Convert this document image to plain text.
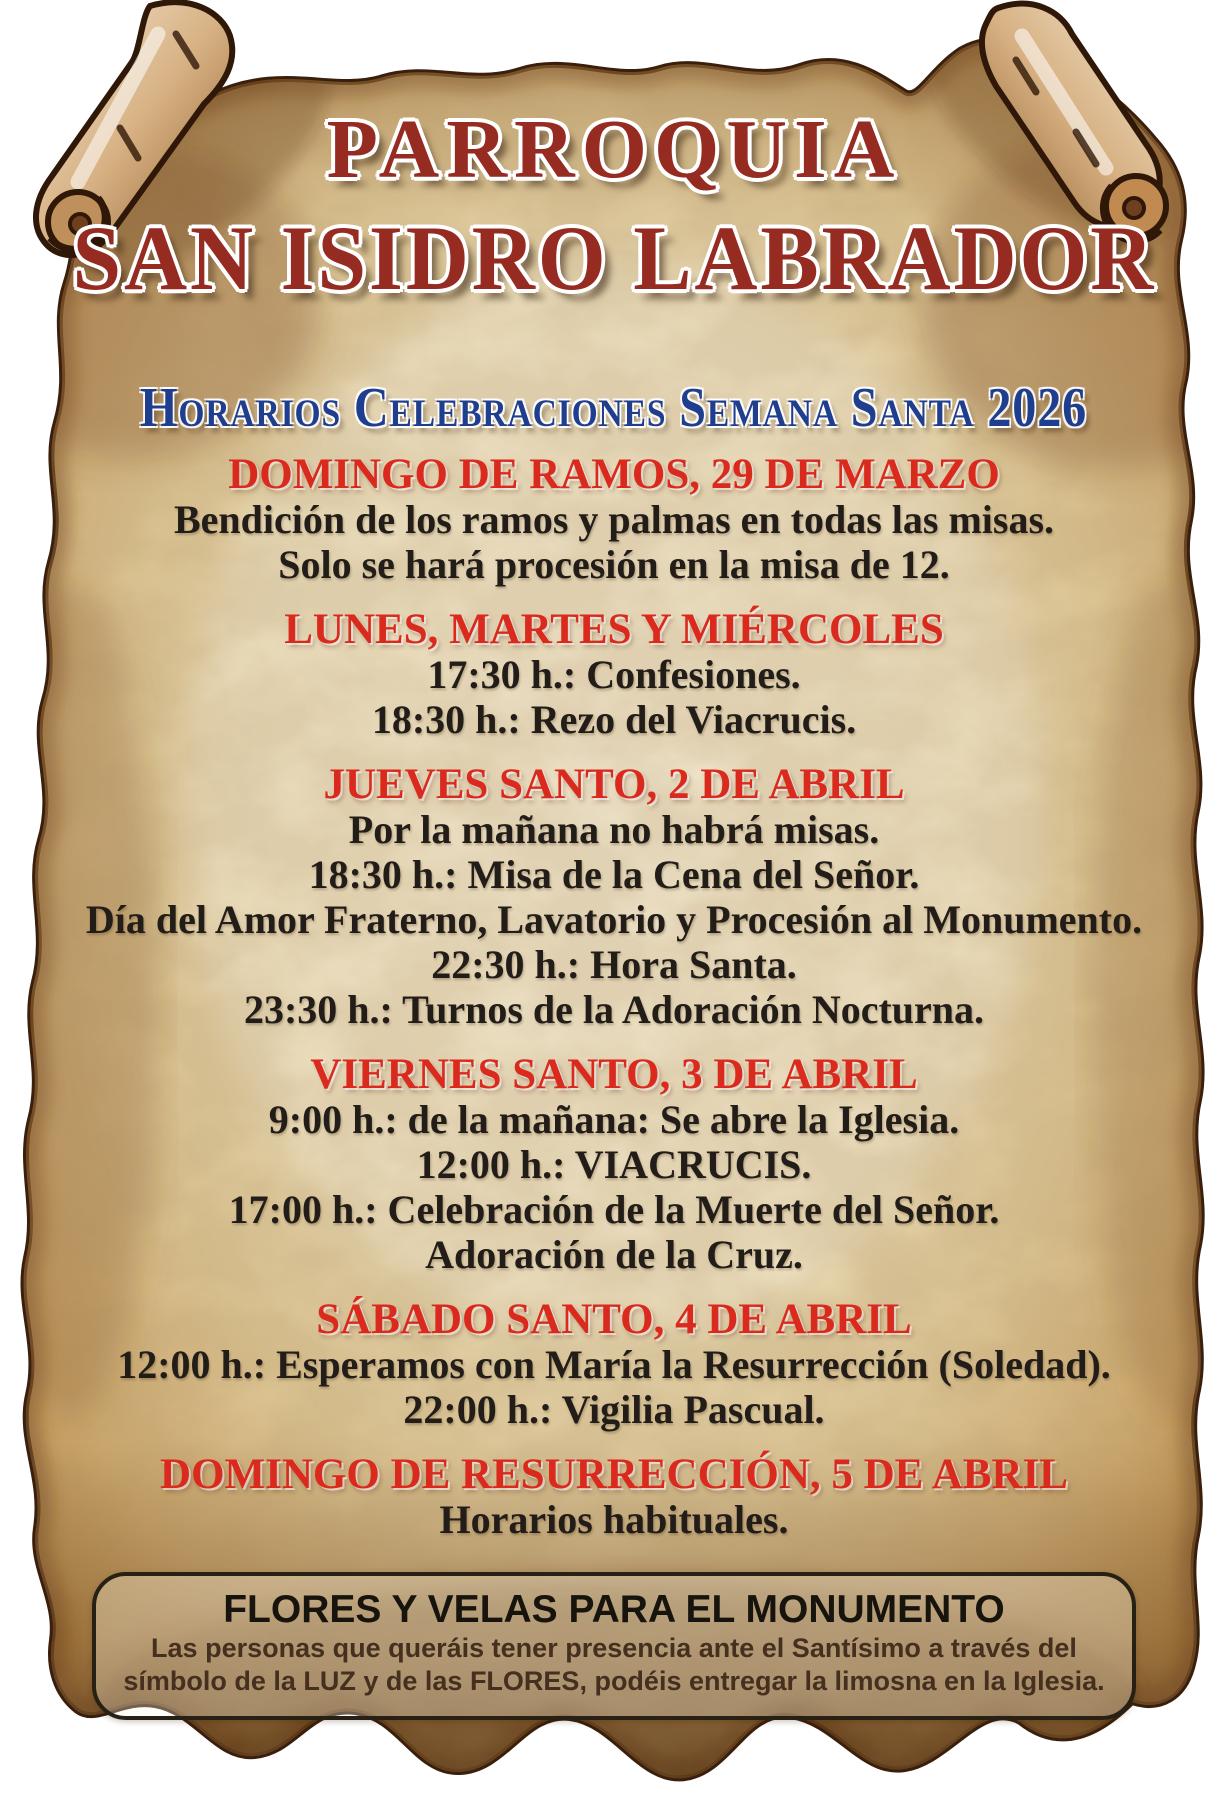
PARROQUIA
SAN ISIDRO LABRADOR
Horarios Celebraciones Semana Santa 2026
DOMINGO DE RAMOS, 29 DE MARZO
Bendición de los ramos y palmas en todas las misas.
Solo se hará procesión en la misa de 12.
LUNES, MARTES Y MIÉRCOLES
17:30 h.: Confesiones.
18:30 h.: Rezo del Viacrucis.
JUEVES SANTO, 2 DE ABRIL
Por la mañana no habrá misas.
18:30 h.: Misa de la Cena del Señor.
Día del Amor Fraterno, Lavatorio y Procesión al Monumento.
22:30 h.: Hora Santa.
23:30 h.: Turnos de la Adoración Nocturna.
VIERNES SANTO, 3 DE ABRIL
9:00 h.: de la mañana: Se abre la Iglesia.
12:00 h.: VIACRUCIS.
17:00 h.: Celebración de la Muerte del Señor.
Adoración de la Cruz.
SÁBADO SANTO, 4 DE ABRIL
12:00 h.: Esperamos con María la Resurrección (Soledad).
22:00 h.: Vigilia Pascual.
DOMINGO DE RESURRECCIÓN, 5 DE ABRIL
Horarios habituales.
FLORES Y VELAS PARA EL MONUMENTO
Las personas que queráis tener presencia ante el Santísimo a través del
símbolo de la LUZ y de las FLORES, podéis entregar la limosna en la Iglesia.
